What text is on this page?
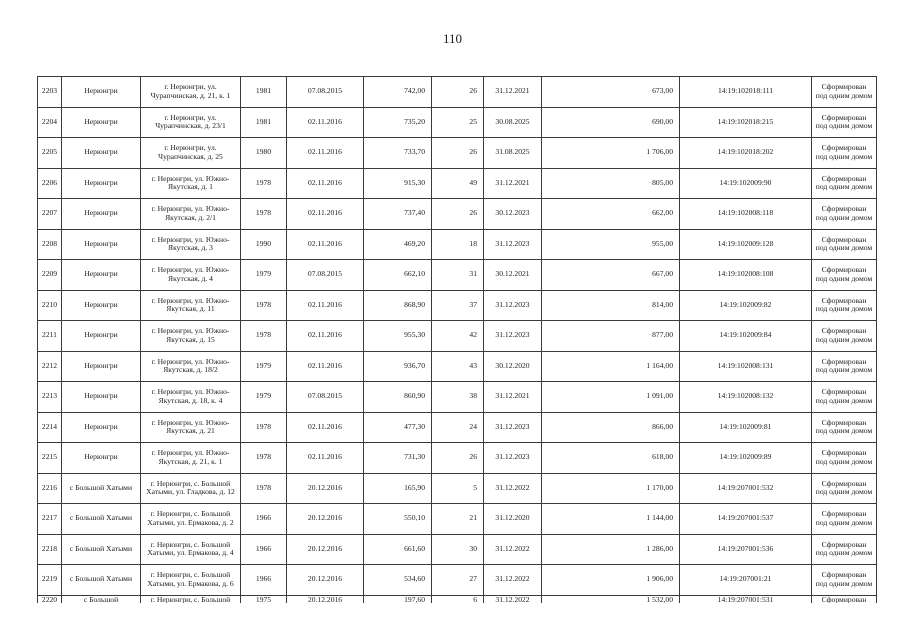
110
2203	Нерюнгри	г. Нерюнгри, ул. Чурапчинская, д. 21, к. 1	1981	07.08.2015	742,00	26	31.12.2021	673,00	14:19:102018:111	Сформирован под одним домом
2204	Нерюнгри	г. Нерюнгри, ул. Чурапчинская, д. 23/1	1981	02.11.2016	735,20	25	30.08.2025	690,00	14:19:102018:215	Сформирован под одним домом
2205	Нерюнгри	г. Нерюнгри, ул. Чурапчинская, д. 25	1980	02.11.2016	733,70	26	31.08.2025	1 706,00	14:19:102018:202	Сформирован под одним домом
2206	Нерюнгри	г. Нерюнгри, ул. Южно-Якутская, д. 1	1978	02.11.2016	915,30	49	31.12.2021	805,00	14:19:102009:90	Сформирован под одним домом
2207	Нерюнгри	г. Нерюнгри, ул. Южно-Якутская, д. 2/1	1978	02.11.2016	737,40	26	30.12.2023	662,00	14:19:102008:118	Сформирован под одним домом
2208	Нерюнгри	г. Нерюнгри, ул. Южно-Якутская, д. 3	1990	02.11.2016	469,20	18	31.12.2023	955,00	14:19:102009:128	Сформирован под одним домом
2209	Нерюнгри	г. Нерюнгри, ул. Южно-Якутская, д. 4	1979	07.08.2015	662,10	31	30.12.2021	667,00	14:19:102008:108	Сформирован под одним домом
2210	Нерюнгри	г. Нерюнгри, ул. Южно-Якутская, д. 11	1978	02.11.2016	868,90	37	31.12.2023	814,00	14:19:102009:82	Сформирован под одним домом
2211	Нерюнгри	г. Нерюнгри, ул. Южно-Якутская, д. 15	1978	02.11.2016	955,30	42	31.12.2023	877,00	14:19:102009:84	Сформирован под одним домом
2212	Нерюнгри	г. Нерюнгри, ул. Южно-Якутская, д. 18/2	1979	02.11.2016	936,70	43	30.12.2020	1 164,00	14:19:102008:131	Сформирован под одним домом
2213	Нерюнгри	г. Нерюнгри, ул. Южно-Якутская, д. 18, к. 4	1979	07.08.2015	860,90	38	31.12.2021	1 091,00	14:19:102008:132	Сформирован под одним домом
2214	Нерюнгри	г. Нерюнгри, ул. Южно-Якутская, д. 21	1978	02.11.2016	477,30	24	31.12.2023	866,00	14:19:102009:81	Сформирован под одним домом
2215	Нерюнгри	г. Нерюнгри, ул. Южно-Якутская, д. 21, к. 1	1978	02.11.2016	731,30	26	31.12.2023	618,00	14:19:102009:89	Сформирован под одним домом
2216	с Большой Хатыми	г. Нерюнгри, с. Большой Хатыми, ул. Гладкова, д. 12	1978	20.12.2016	165,90	5	31.12.2022	1 170,00	14:19:207001:532	Сформирован под одним домом
2217	с Большой Хатыми	г. Нерюнгри, с. Большой Хатыми, ул. Ермакова, д. 2	1966	20.12.2016	550,10	21	31.12.2020	1 144,00	14:19:207001:537	Сформирован под одним домом
2218	с Большой Хатыми	г. Нерюнгри, с. Большой Хатыми, ул. Ермакова, д. 4	1966	20.12.2016	661,60	30	31.12.2022	1 286,00	14:19:207001:536	Сформирован под одним домом
2219	с Большой Хатыми	г. Нерюнгри, с. Большой Хатыми, ул. Ермакова, д. 6	1966	20.12.2016	534,60	27	31.12.2022	1 906,00	14:19:207001:21	Сформирован под одним домом
2220	с Большой	г. Нерюнгри, с. Большой	1975	20.12.2016	197,60	6	31.12.2022	1 532,00	14:19:207001:531	Сформирован
